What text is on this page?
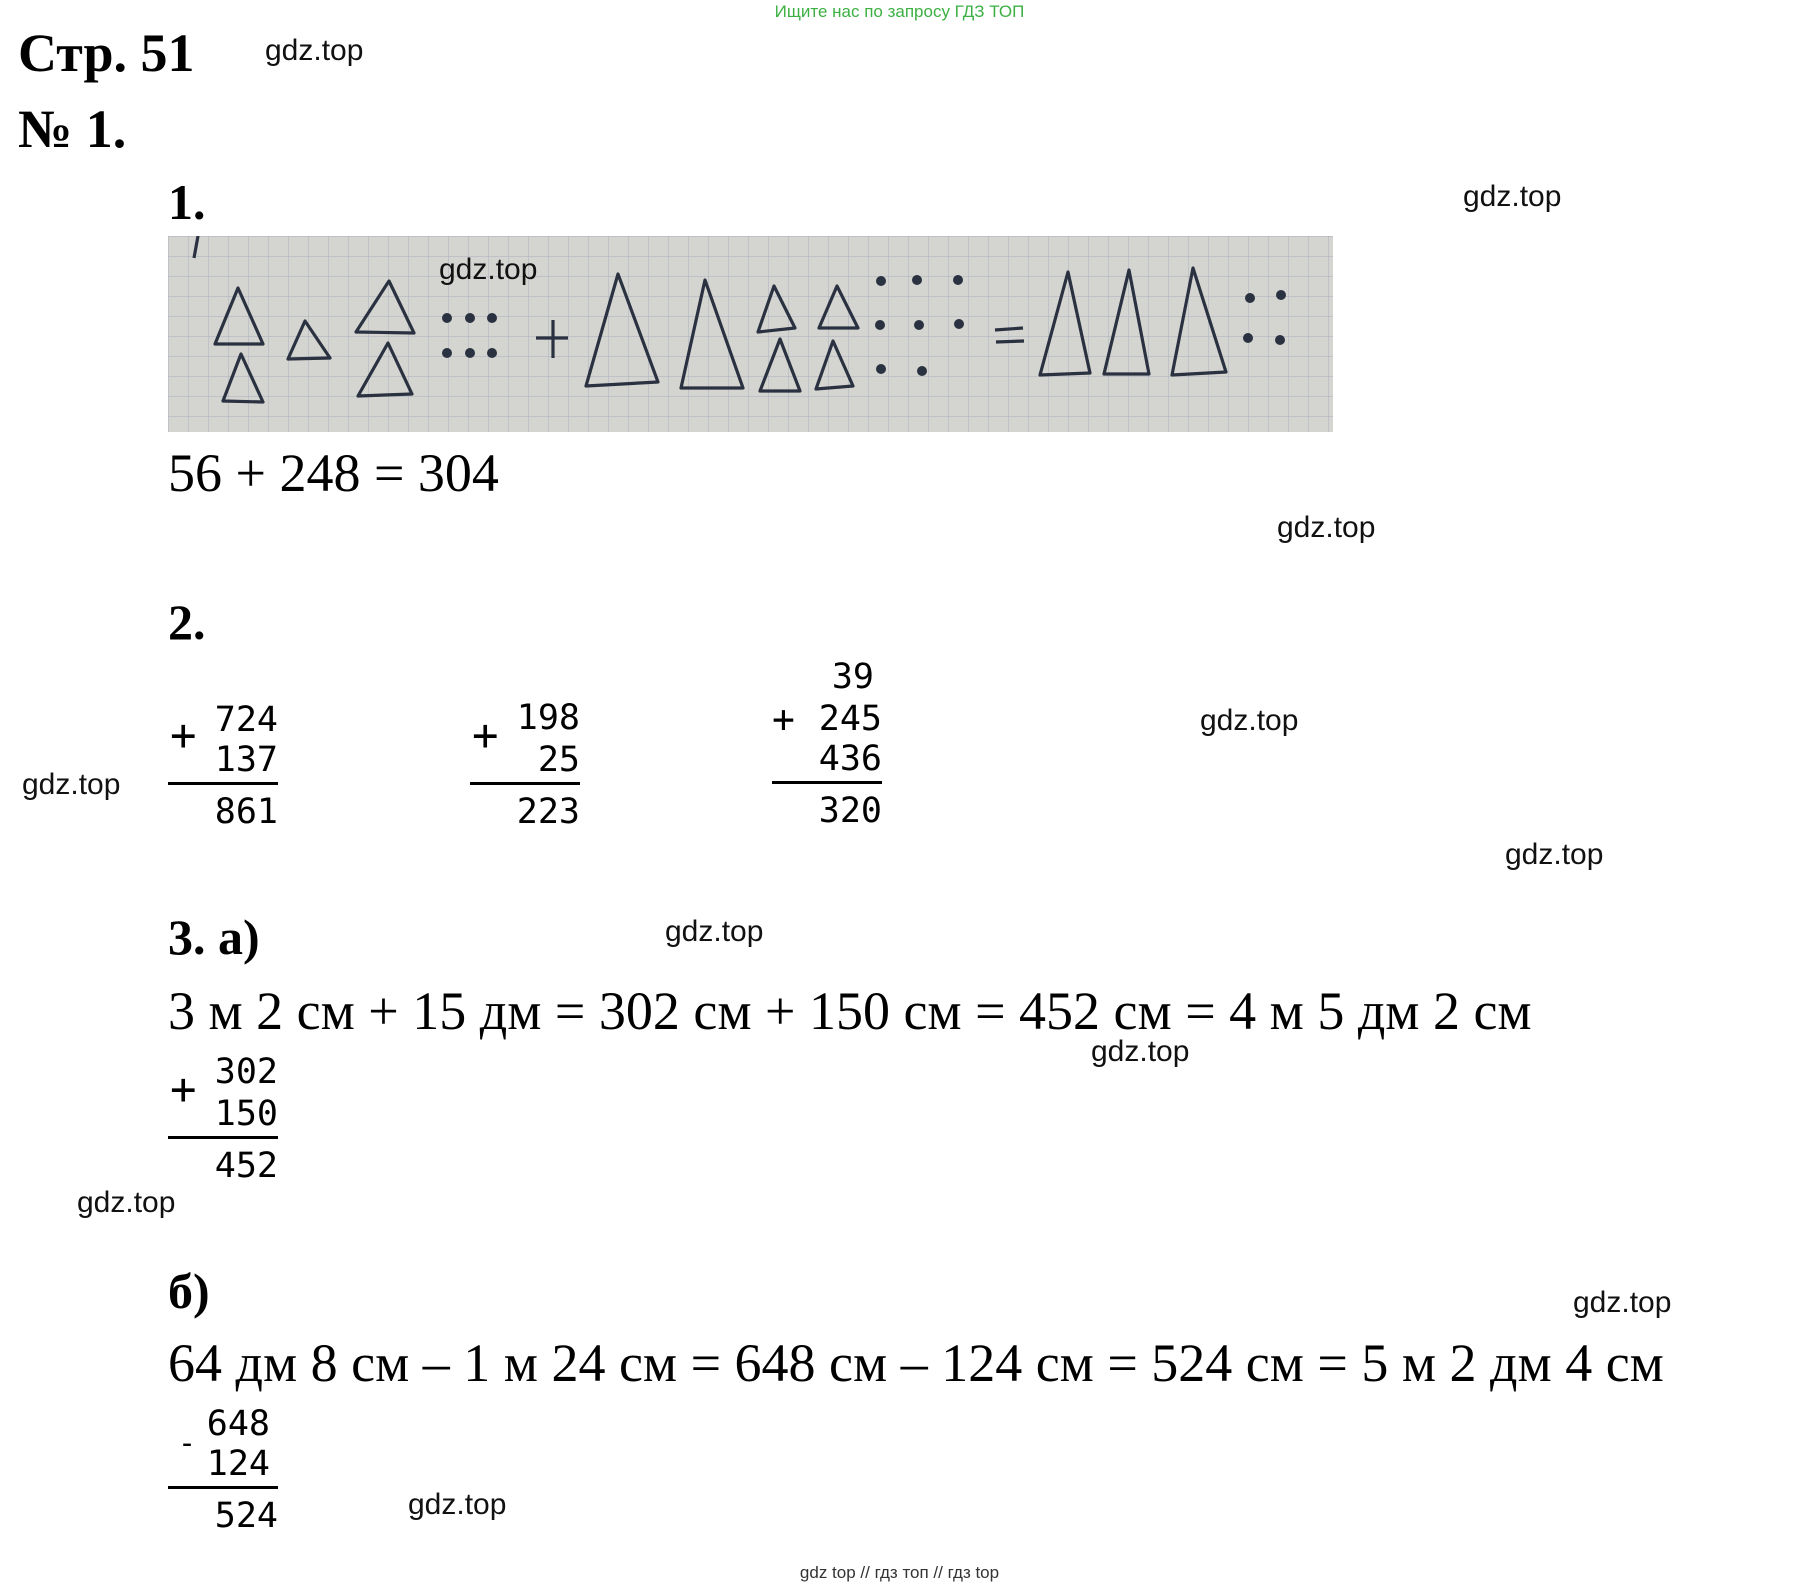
Ищите нас по запросу ГДЗ ТОП
Стр. 51
№ 1.
1.
56 + 248 = 304
2.
+ 724
137
861
+ 198
25
223
39
+ 245
436
320
3. а)
3 м 2 см + 15 дм = 302 см + 150 см = 452 см = 4 м 5 дм 2 см
+ 302
150
452
б)
64 дм 8 см – 1 м 24 см = 648 см – 124 см = 524 см = 5 м 2 дм 4 см
- 648
124
524
gdz.top
gdz.top
gdz.top
gdz.top
gdz.top
gdz.top
gdz.top
gdz.top
gdz.top
gdz.top
gdz.top
gdz.top
gdz top // гдз топ // гдз top
